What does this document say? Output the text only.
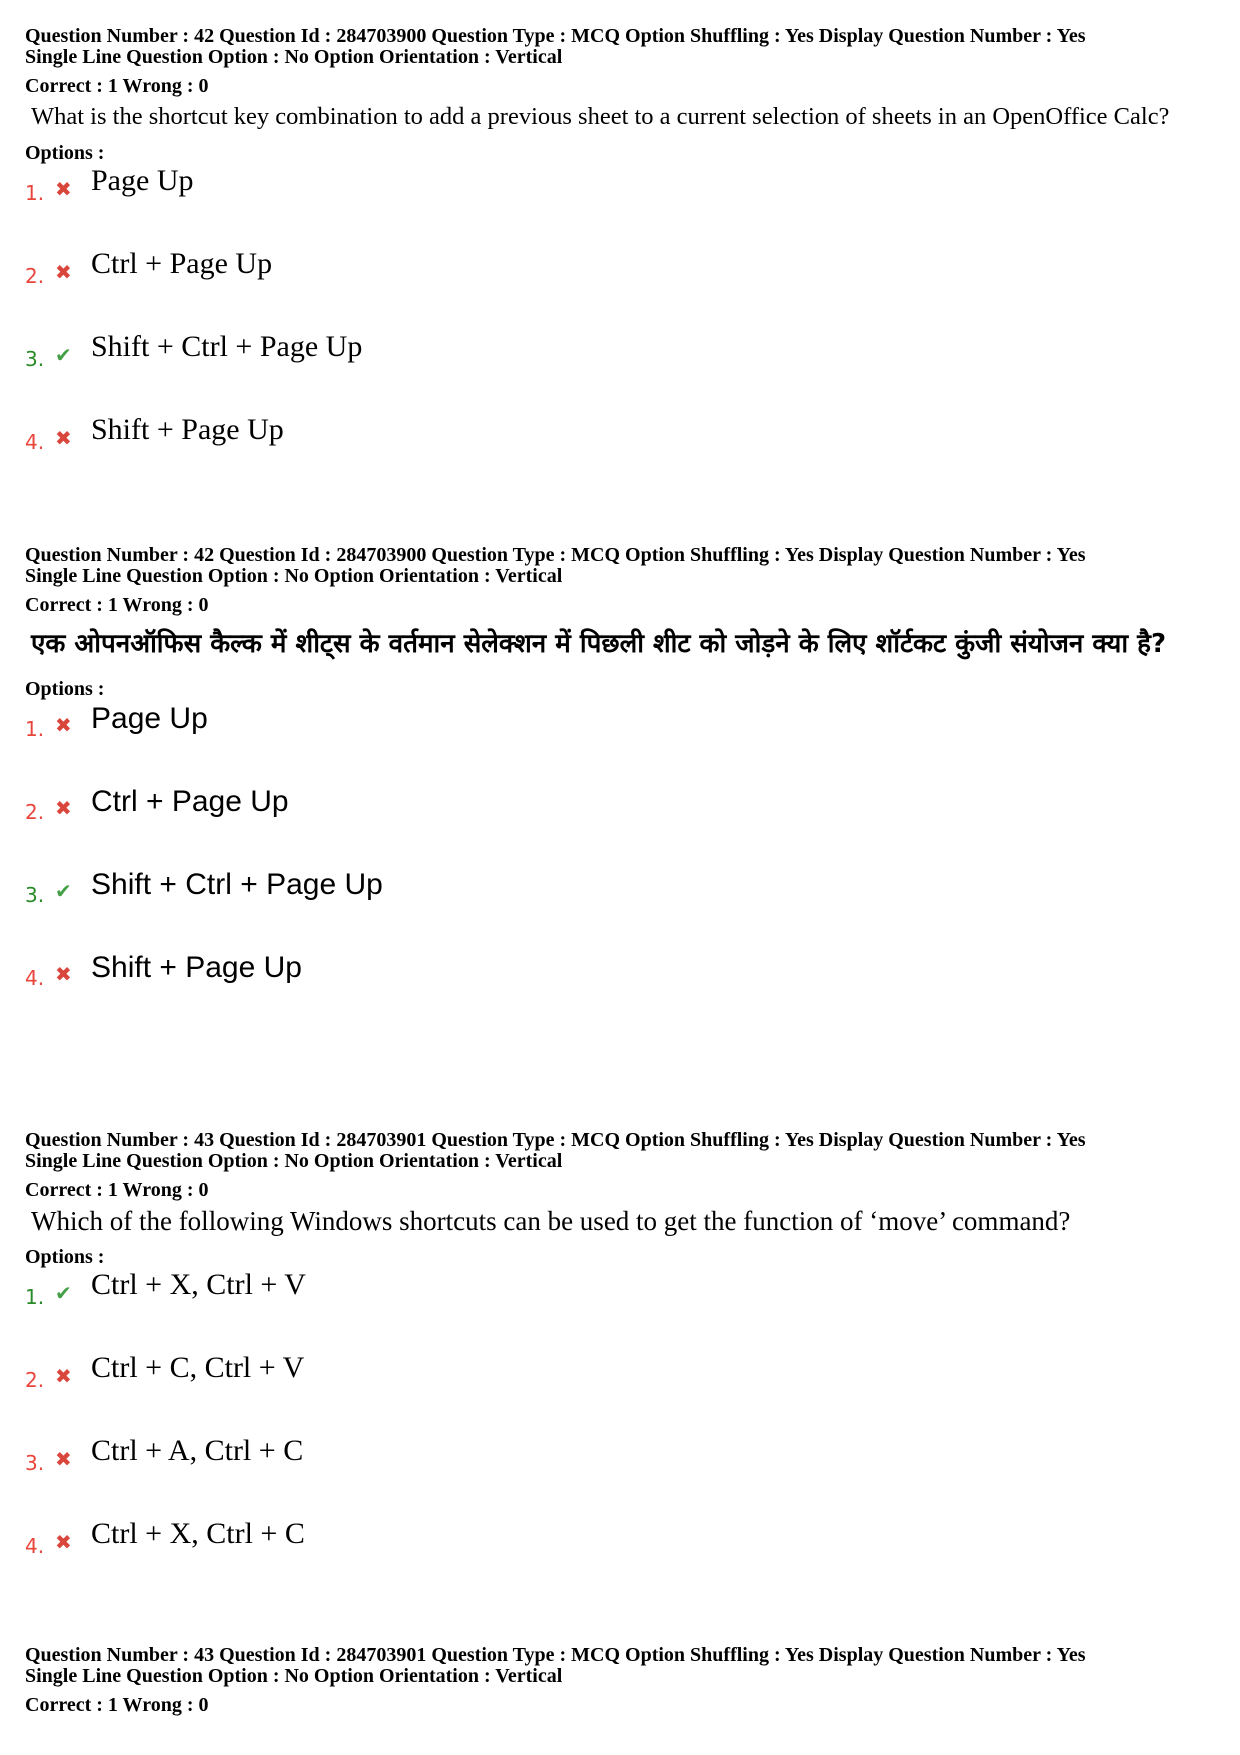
Question Number : 42 Question Id : 284703900 Question Type : MCQ Option Shuffling : Yes Display Question Number : Yes
Single Line Question Option : No Option Orientation : Vertical
Correct : 1 Wrong : 0
What is the shortcut key combination to add a previous sheet to a current selection of sheets in an OpenOffice Calc?
Options :
1. ✖ Page Up
2. ✖ Ctrl + Page Up
3. ✔ Shift + Ctrl + Page Up
4. ✖ Shift + Page Up
Question Number : 42 Question Id : 284703900 Question Type : MCQ Option Shuffling : Yes Display Question Number : Yes
Single Line Question Option : No Option Orientation : Vertical
Correct : 1 Wrong : 0
एक ओपनऑफिस कैल्क में शीट्स के वर्तमान सेलेक्शन में पिछली शीट को जोड़ने के लिए शॉर्टकट कुंजी संयोजन क्या है?
Options :
1. ✖ Page Up
2. ✖ Ctrl + Page Up
3. ✔ Shift + Ctrl + Page Up
4. ✖ Shift + Page Up
Question Number : 43 Question Id : 284703901 Question Type : MCQ Option Shuffling : Yes Display Question Number : Yes
Single Line Question Option : No Option Orientation : Vertical
Correct : 1 Wrong : 0
Which of the following Windows shortcuts can be used to get the function of ‘move’ command?
Options :
1. ✔ Ctrl + X, Ctrl + V
2. ✖ Ctrl + C, Ctrl + V
3. ✖ Ctrl + A, Ctrl + C
4. ✖ Ctrl + X, Ctrl + C
Question Number : 43 Question Id : 284703901 Question Type : MCQ Option Shuffling : Yes Display Question Number : Yes
Single Line Question Option : No Option Orientation : Vertical
Correct : 1 Wrong : 0
